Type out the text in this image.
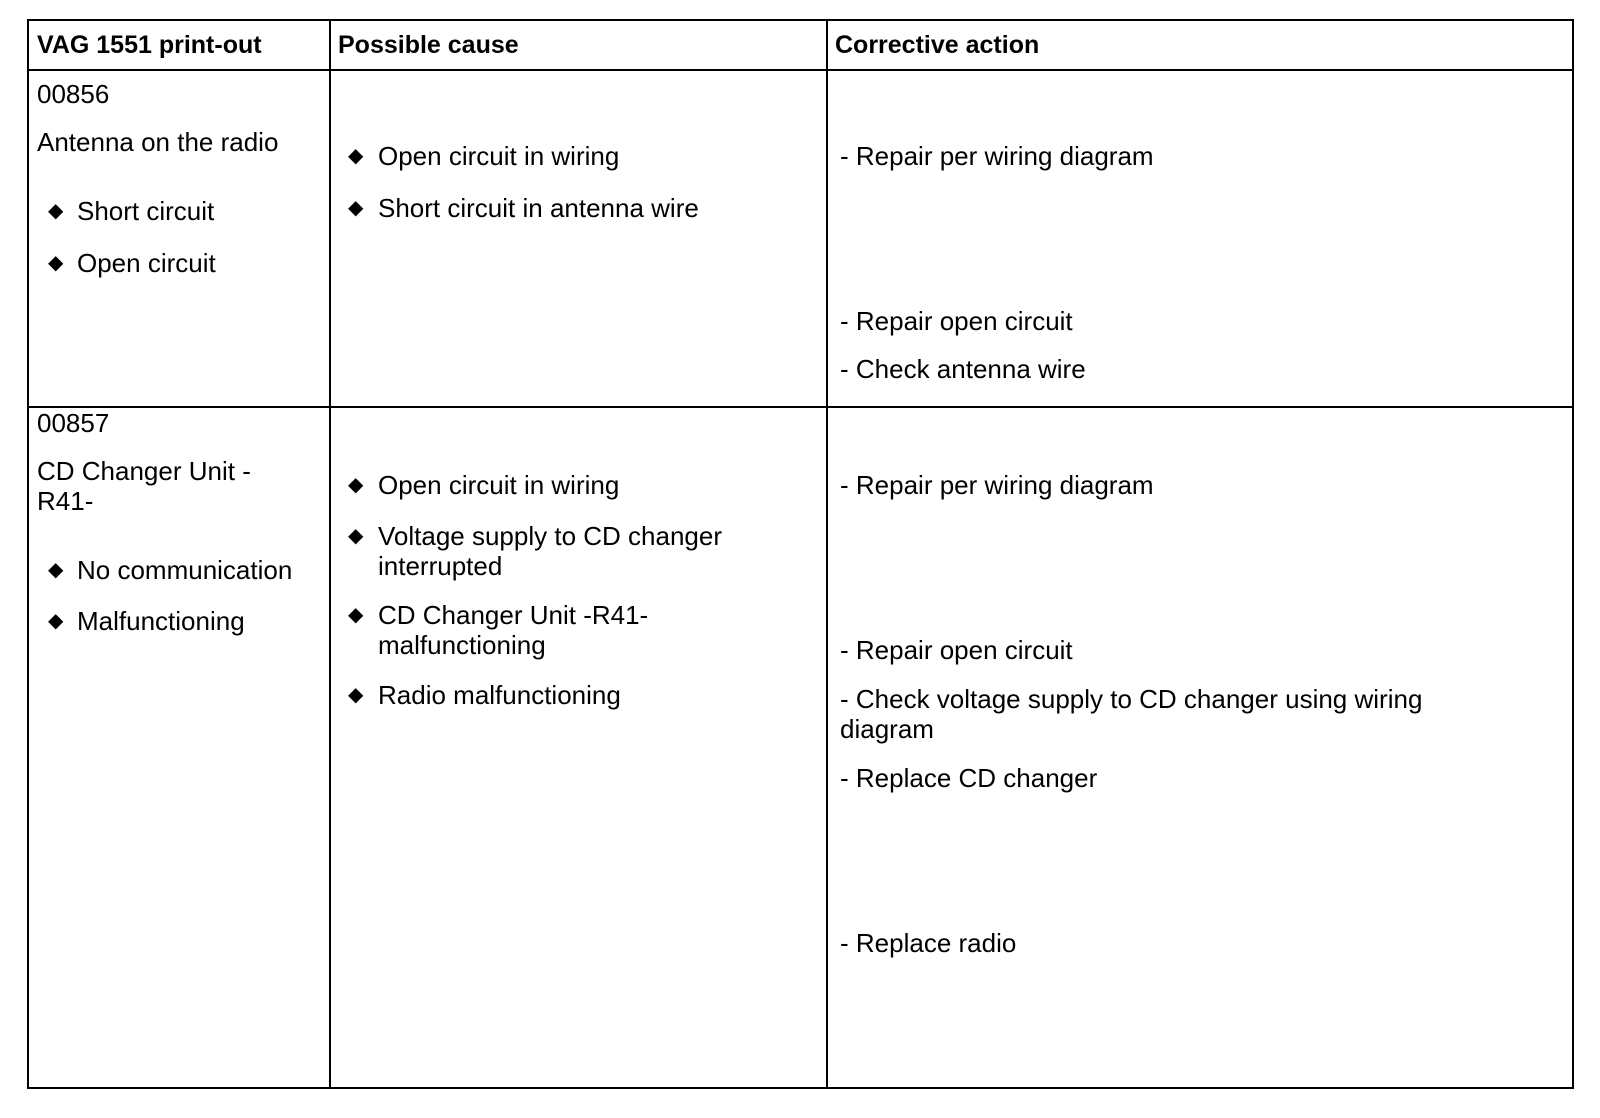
VAG 1551 print-out	Possible cause	Corrective action
00856
Antenna on the radio
◆ Short circuit
◆ Open circuit
◆ Open circuit in wiring
◆ Short circuit in antenna wire
- Repair per wiring diagram
- Repair open circuit
- Check antenna wire
00857
CD Changer Unit -
R41-
◆ No communication
◆ Malfunctioning
◆ Open circuit in wiring
◆ Voltage supply to CD changer
interrupted
◆ CD Changer Unit -R41-
malfunctioning
◆ Radio malfunctioning
- Repair per wiring diagram
- Repair open circuit
- Check voltage supply to CD changer using wiring
diagram
- Replace CD changer
- Replace radio
